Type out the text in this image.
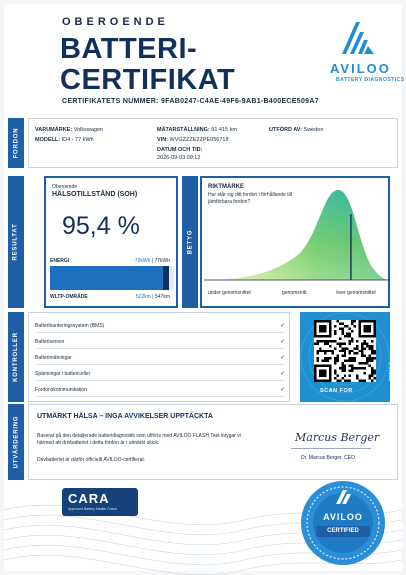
OBEROENDE
BATTERI-
CERTIFIKAT
CERTIFIKATETS NUMMER: 9FAB0247-C4AE-49F6-9AB1-B400ECE509A7
AVILOO
BATTERY DIAGNOSTICS
FORDON	VARUMÄRKE: Volkswagen
MODELL: ID4 - 77 kWh
MÄTARSTÄLLNING: 91 415 km
VIN: WVGZZZE2ZPE056718
DATUM OCH TID:
2026-09-03 09:12
UTFÖRD AV: Sweden
RESULTAT
Oberoende
HÄLSOTILLSTÅND (SOH)
95,4 %
ENERGI	73kWh | 77kWh
WLTP-OMRÅDE	522km | 547km
BETYG
RIKTMÄRKE
Hur står sig ditt fordon i förhållande till jämförbara fordon?
under genomsnittet	genomsnitt	över genomsnittet
KONTROLLER
Batterihanteringssystem (BMS)	✓
Batterisensor	✓
Batterimätningar	✓
Spänningar i battericeller	✓
Fordonskommunikation	✓	SCAN FOR
DETAILS
UTVÄRDERING	UTMÄRKT HÄLSA – INGA AVVIKELSER UPPTÄCKTA
Baserat på den detaljerade batteridiagnostik som utförts med AVILOO FLASH Test intygar vi härmed att drivbatteriet i detta fordon är i utmärkt skick.
Drivbatteriet är därför officiellt AVILOO-certifierat.
Marcus Berger
Dr. Marcus Berger, CEO
CARA
Approved Battery Health Check
AVILOO
CERTIFIED
